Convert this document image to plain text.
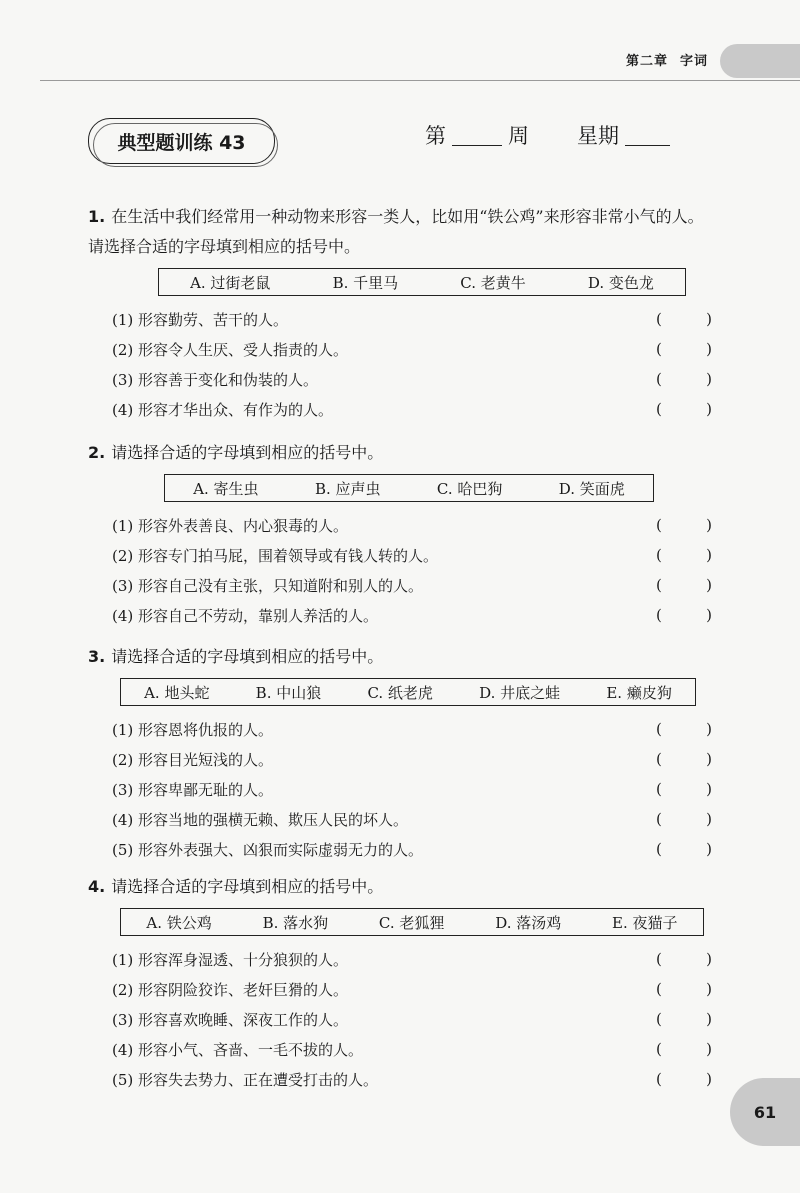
第二章 字词
典型题训练 43	第	周 星期
1. 在生活中我们经常用一种动物来形容一类人，比如用“铁公鸡”来形容非常小气的人。请选择合适的字母填到相应的括号中。
A. 过街老鼠	B. 千里马	C. 老黄牛	D. 变色龙
(1) 形容勤劳、苦干的人。	(	)
(2) 形容令人生厌、受人指责的人。	(	)
(3) 形容善于变化和伪装的人。	(	)
(4) 形容才华出众、有作为的人。	(	)
2. 请选择合适的字母填到相应的括号中。
A. 寄生虫	B. 应声虫	C. 哈巴狗	D. 笑面虎
(1) 形容外表善良、内心狠毒的人。	(	)
(2) 形容专门拍马屁，围着领导或有钱人转的人。	(	)
(3) 形容自己没有主张，只知道附和别人的人。	(	)
(4) 形容自己不劳动，靠别人养活的人。	(	)
3. 请选择合适的字母填到相应的括号中。
A. 地头蛇	B. 中山狼	C. 纸老虎	D. 井底之蛙	E. 癞皮狗
(1) 形容恩将仇报的人。	(	)
(2) 形容目光短浅的人。	(	)
(3) 形容卑鄙无耻的人。	(	)
(4) 形容当地的强横无赖、欺压人民的坏人。	(	)
(5) 形容外表强大、凶狠而实际虚弱无力的人。	(	)
4. 请选择合适的字母填到相应的括号中。
A. 铁公鸡	B. 落水狗	C. 老狐狸	D. 落汤鸡	E. 夜猫子
(1) 形容浑身湿透、十分狼狈的人。	(	)
(2) 形容阴险狡诈、老奸巨猾的人。	(	)
(3) 形容喜欢晚睡、深夜工作的人。	(	)
(4) 形容小气、吝啬、一毛不拔的人。	(	)
(5) 形容失去势力、正在遭受打击的人。	(	)
61
